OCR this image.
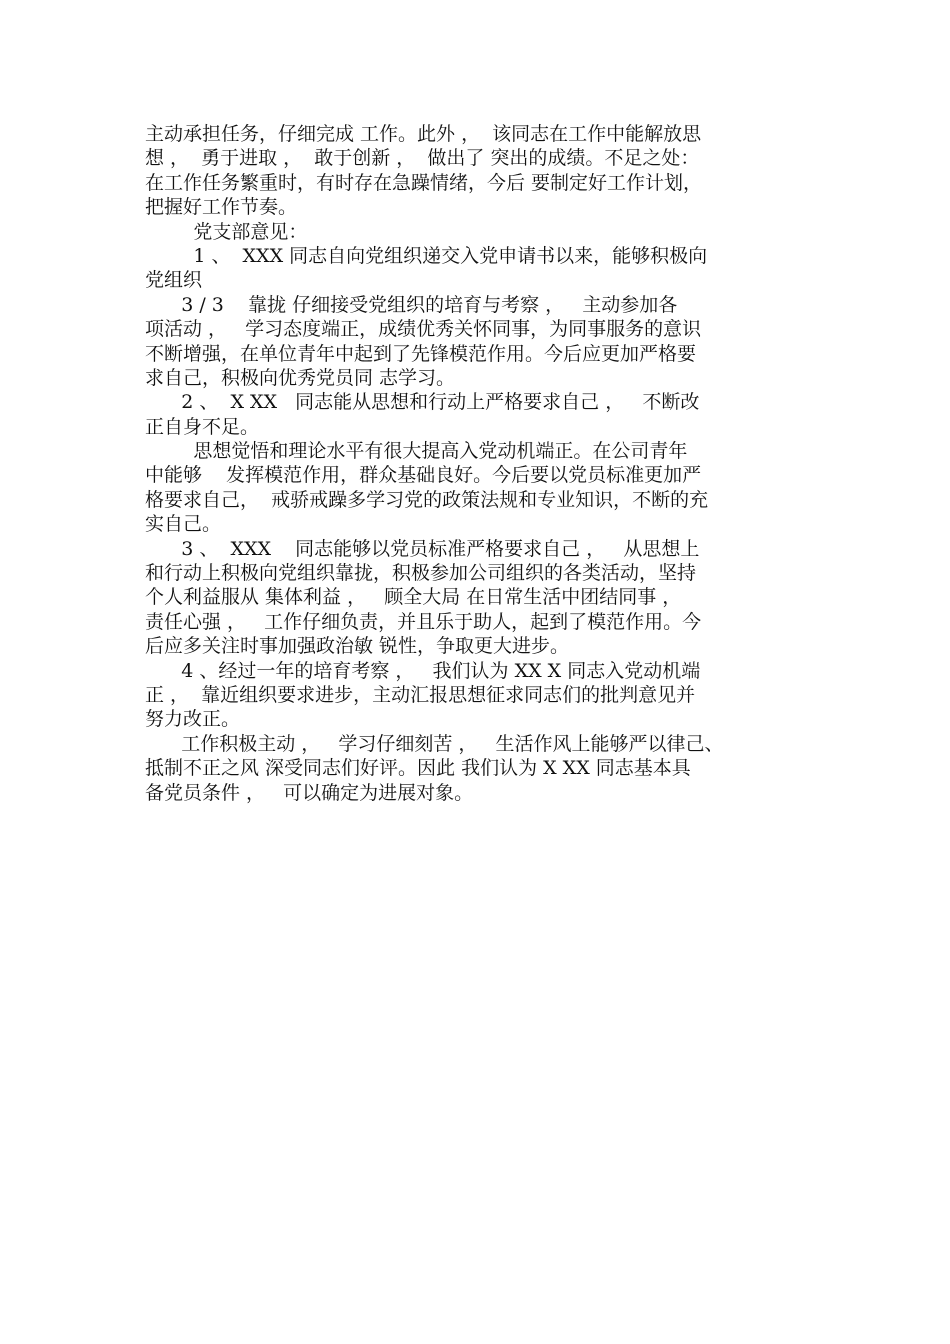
主动承担任务，仔细完成 工作。此外 ，  该同志在工作中能解放思
想 ，  勇于进取 ，  敢于创新 ，  做出了 突出的成绩。不足之处：
在工作任务繁重时，有时存在急躁情绪，今后 要制定好工作计划，
把握好工作节奏。
党支部意见：
1 、  XXX 同志自向党组织递交入党申请书以来，能够积极向
党组织
3 / 3    靠拢 仔细接受党组织的培育与考察 ，   主动参加各
项活动 ，   学习态度端正，成绩优秀关怀同事，为同事服务的意识
不断增强，在单位青年中起到了先锋模范作用。今后应更加严格要
求自己，积极向优秀党员同 志学习。
2 、  X XX   同志能从思想和行动上严格要求自己 ，   不断改
正自身不足。
思想觉悟和理论水平有很大提高入党动机端正。在公司青年
中能够    发挥模范作用，群众基础良好。今后要以党员标准更加严
格要求自己，  戒骄戒躁多学习党的政策法规和专业知识，不断的充
实自己。
3 、  XXX    同志能够以党员标准严格要求自己 ，   从思想上
和行动上积极向党组织靠拢，积极参加公司组织的各类活动，坚持
个人利益服从 集体利益 ，   顾全大局 在日常生活中团结同事 ，
责任心强 ，   工作仔细负责，并且乐于助人，起到了模范作用。今
后应多关注时事加强政治敏 锐性，争取更大进步。
4 、经过一年的培育考察 ，   我们认为 XX X 同志入党动机端
正 ，  靠近组织要求进步，主动汇报思想征求同志们的批判意见并
努力改正。
工作积极主动 ，   学习仔细刻苦 ，   生活作风上能够严以律己、
抵制不正之风 深受同志们好评。因此 我们认为 X XX 同志基本具
备党员条件 ，   可以确定为进展对象。
